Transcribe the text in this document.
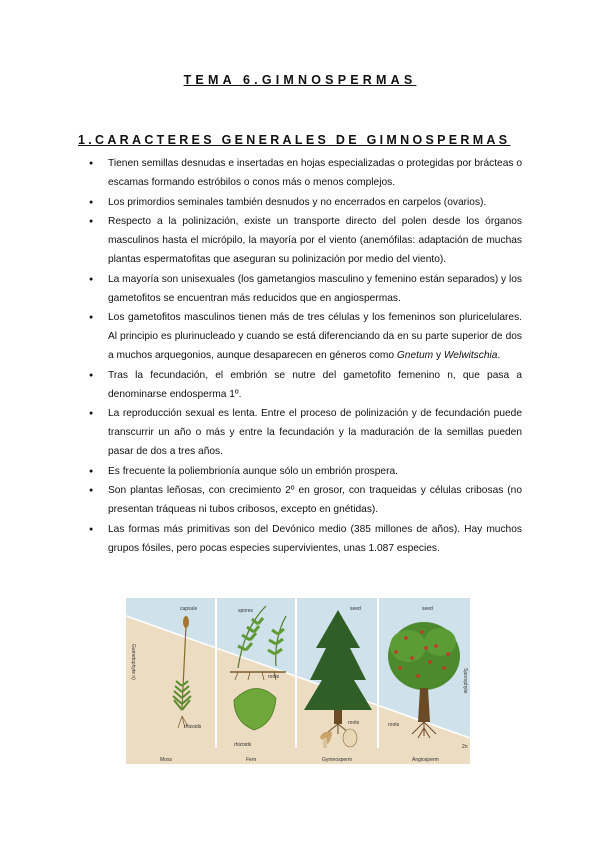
TEMA 6.GIMNOSPERMAS
1.CARACTERES GENERALES DE GIMNOSPERMAS
● Tienen semillas desnudas e insertadas en hojas especializadas o protegidas por brácteas o escamas formando estróbilos o conos más o menos complejos.
● Los primordios seminales también desnudos y no encerrados en carpelos (ovarios).
● Respecto a la polinización, existe un transporte directo del polen desde los órganos masculinos hasta el micrópilo, la mayoría por el viento (anemófilas: adaptación de muchas plantas espermatofitas que aseguran su polinización por medio del viento).
● La mayoría son unisexuales (los gametangios masculino y femenino están separados) y los gametofitos se encuentran más reducidos que en angiospermas.
● Los gametofitos masculinos tienen más de tres células y los femeninos son pluricelulares. Al principio es plurinucleado y cuando se está diferenciando da en su parte superior de dos a muchos arquegonios, aunque desaparecen en géneros como Gnetum y Welwitschia.
● Tras la fecundación, el embrión se nutre del gametofito femenino n, que pasa a denominarse endosperma 1º.
● La reproducción sexual es lenta. Entre el proceso de polinización y de fecundación puede transcurrir un año o más y entre la fecundación y la maduración de la semillas pueden pasar de dos a tres años.
● Es frecuente la poliembrionía aunque sólo un embrión prospera.
● Son plantas leñosas, con crecimiento 2º en grosor, con traqueidas y células cribosas (no presentan tráqueas ni tubos cribosos, excepto en gnétidas).
● Las formas más primitivas son del Devónico medio (385 millones de años). Hay muchos grupos fósiles, pero pocas especies supervivientes, unas 1.087 especies.
capsule	spores	seed	seed
roots
roots	roots
rhizoids
rhizoids	2n
Gametophyte n)
Sporophyte
Moss	Fern	Gymnosperm	Angiosperm
